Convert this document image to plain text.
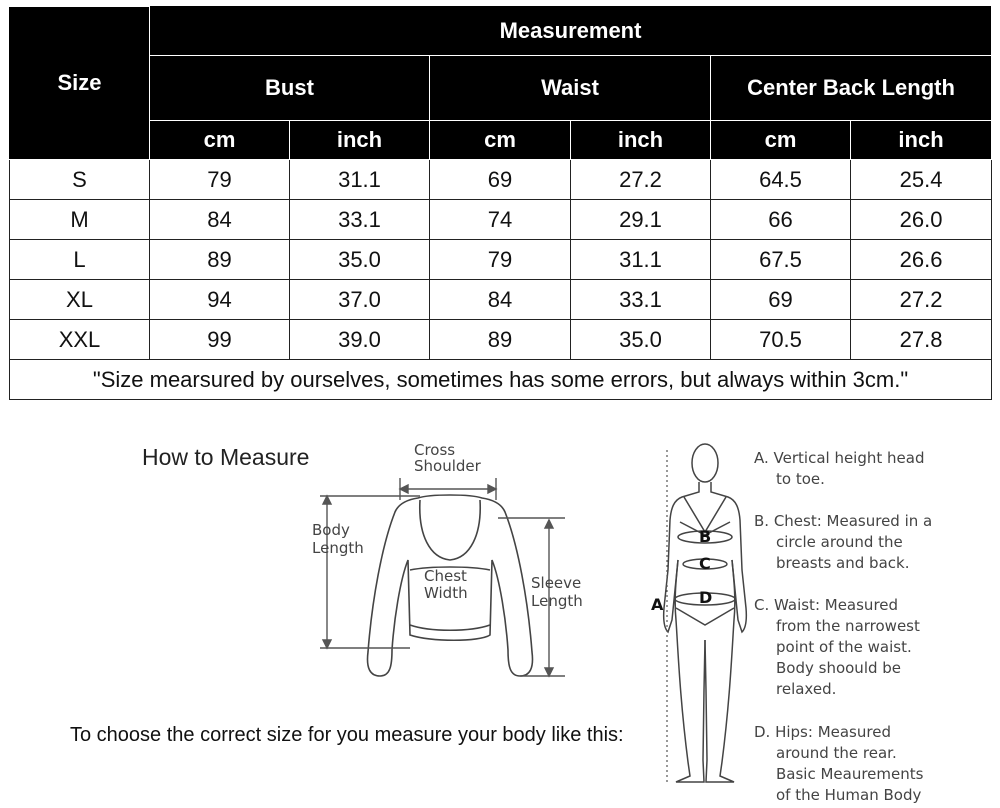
Size	Measurement					
	Bust		Waist		Center Back Length	
	cm	inch	cm	inch	cm	inch
S	79	31.1	69	27.2	64.5	25.4
M	84	33.1	74	29.1	66	26.0
L	89	35.0	79	31.1	67.5	26.6
XL	94	37.0	84	33.1	69	27.2
XXL	99	39.0	89	35.0	70.5	27.8
"Size mearsured by ourselves, sometimes has some errors, but always within 3cm."						
How to Measure	Cross
Shoulder
Body
Length
Chest
Width
Sleeve
Length	A
B
C
D
To choose the correct size for you measure your body like this:
A. Vertical height head
to toe.
B. Chest: Measured in a
circle around the
breasts and back.
C. Waist: Measured
from the narrowest
point of the waist.
Body shoould be
relaxed.
D. Hips: Measured
around the rear.
Basic Meaurements
of the Human Body
